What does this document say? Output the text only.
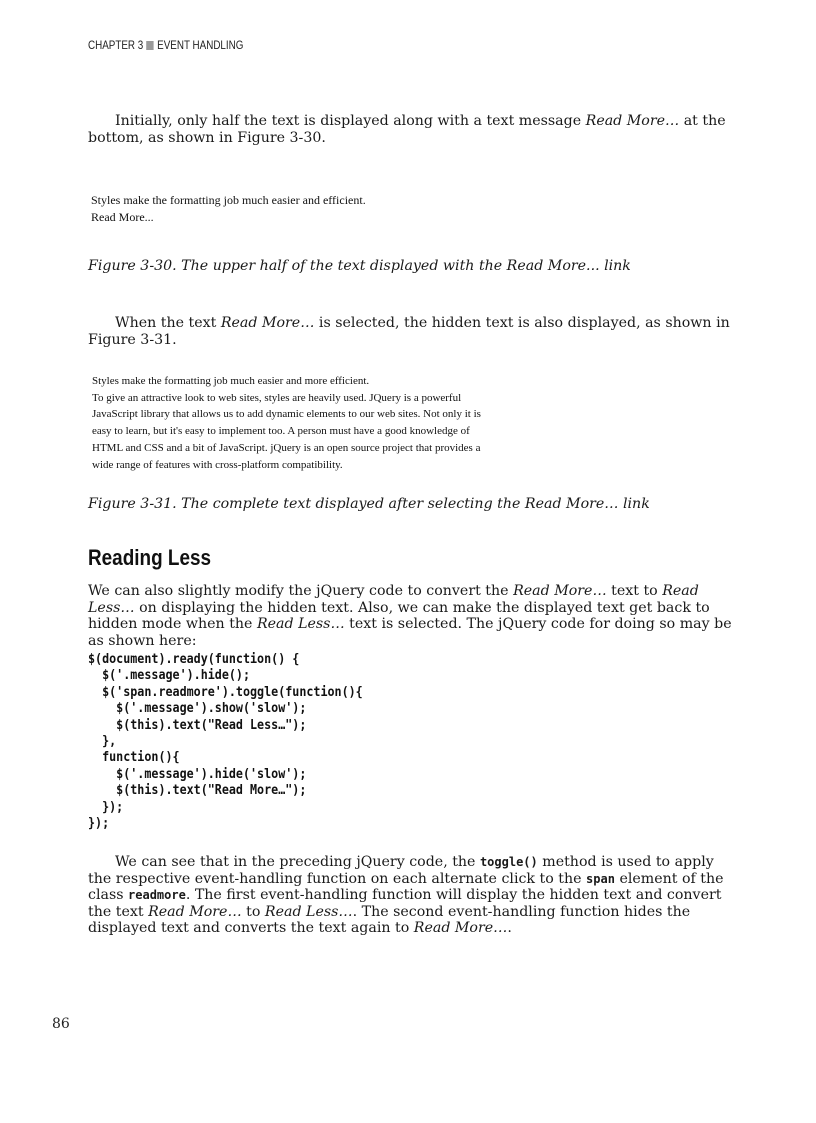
CHAPTER 3 EVENT HANDLING

Initially, only half the text is displayed along with a text message Read More… at the bottom, as shown in Figure 3-30.

Styles make the formatting job much easier and efficient.
Read More...
Figure 3-30. The upper half of the text displayed with the Read More... link

When the text Read More… is selected, the hidden text is also displayed, as shown in Figure 3-31.

Styles make the formatting job much easier and more efficient.
To give an attractive look to web sites, styles are heavily used. JQuery is a powerful
JavaScript library that allows us to add dynamic elements to our web sites. Not only it is
easy to learn, but it's easy to implement too. A person must have a good knowledge of
HTML and CSS and a bit of JavaScript. jQuery is an open source project that provides a
wide range of features with cross-platform compatibility.
Figure 3-31. The complete text displayed after selecting the Read More… link
Reading Less

We can also slightly modify the jQuery code to convert the Read More… text to Read Less… on displaying the hidden text. Also, we can make the displayed text get back to hidden mode when the Read Less… text is selected. The jQuery code for doing so may be as shown here:

$(document).ready(function() {
$('.message').hide();
$('span.readmore').toggle(function(){
$('.message').show('slow');
$(this).text("Read Less…");
},
function(){
$('.message').hide('slow');
$(this).text("Read More…");
});
});

We can see that in the preceding jQuery code, the toggle() method is used to apply the respective event-handling function on each alternate click to the span element of the class readmore. The first event-handling function will display the hidden text and convert the text Read More… to Read Less…. The second event-handling function hides the displayed text and converts the text again to Read More….

86
